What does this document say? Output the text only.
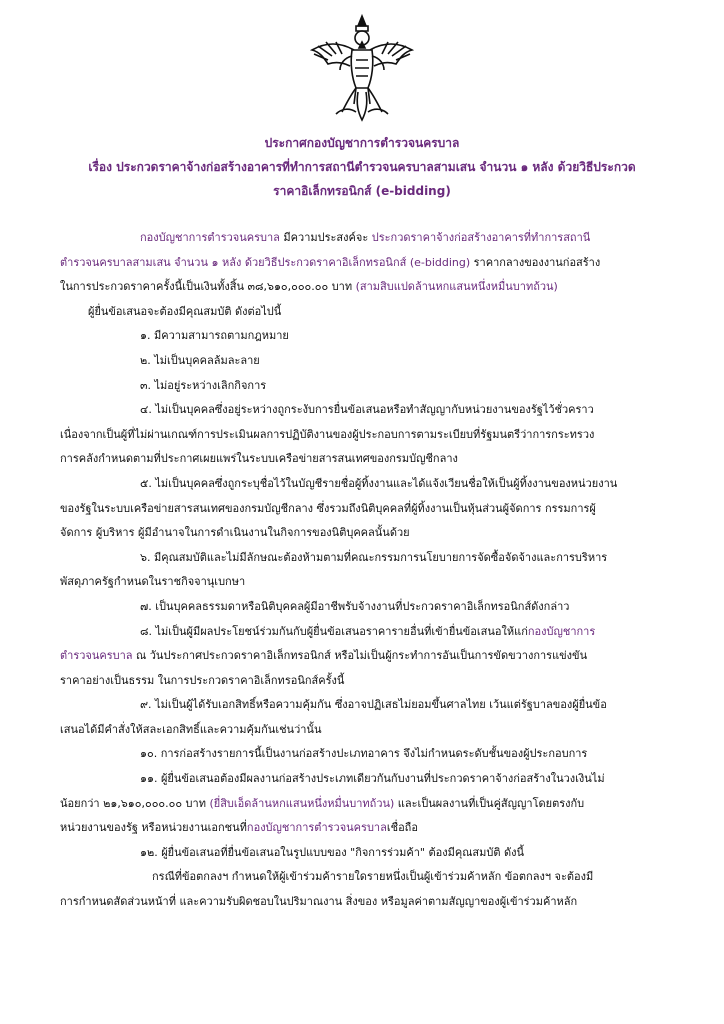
ประกาศกองบัญชาการตำรวจนครบาล
เรื่อง ประกวดราคาจ้างก่อสร้างอาคารที่ทำการสถานีตำรวจนครบาลสามเสน จำนวน ๑ หลัง ด้วยวิธีประกวด
ราคาอิเล็กทรอนิกส์ (e-bidding)
กองบัญชาการตำรวจนครบาล มีความประสงค์จะ ประกวดราคาจ้างก่อสร้างอาคารที่ทำการสถานี
ตำรวจนครบาลสามเสน จำนวน ๑ หลัง ด้วยวิธีประกวดราคาอิเล็กทรอนิกส์ (e-bidding) ราคากลางของงานก่อสร้าง
ในการประกวดราคาครั้งนี้เป็นเงินทั้งสิ้น ๓๘,๖๑๐,๐๐๐.๐๐ บาท (สามสิบแปดล้านหกแสนหนึ่งหมื่นบาทถ้วน)
ผู้ยื่นข้อเสนอจะต้องมีคุณสมบัติ ดังต่อไปนี้
๑. มีความสามารถตามกฎหมาย
๒. ไม่เป็นบุคคลล้มละลาย
๓. ไม่อยู่ระหว่างเลิกกิจการ
๔. ไม่เป็นบุคคลซึ่งอยู่ระหว่างถูกระงับการยื่นข้อเสนอหรือทำสัญญากับหน่วยงานของรัฐไว้ชั่วคราว
เนื่องจากเป็นผู้ที่ไม่ผ่านเกณฑ์การประเมินผลการปฏิบัติงานของผู้ประกอบการตามระเบียบที่รัฐมนตรีว่าการกระทรวง
การคลังกำหนดตามที่ประกาศเผยแพร่ในระบบเครือข่ายสารสนเทศของกรมบัญชีกลาง
๕. ไม่เป็นบุคคลซึ่งถูกระบุชื่อไว้ในบัญชีรายชื่อผู้ทิ้งงานและได้แจ้งเวียนชื่อให้เป็นผู้ทิ้งงานของหน่วยงาน
ของรัฐในระบบเครือข่ายสารสนเทศของกรมบัญชีกลาง ซึ่งรวมถึงนิติบุคคลที่ผู้ทิ้งงานเป็นหุ้นส่วนผู้จัดการ กรรมการผู้
จัดการ ผู้บริหาร ผู้มีอำนาจในการดำเนินงานในกิจการของนิติบุคคลนั้นด้วย
๖. มีคุณสมบัติและไม่มีลักษณะต้องห้ามตามที่คณะกรรมการนโยบายการจัดซื้อจัดจ้างและการบริหาร
พัสดุภาครัฐกำหนดในราชกิจจานุเบกษา
๗. เป็นบุคคลธรรมดาหรือนิติบุคคลผู้มีอาชีพรับจ้างงานที่ประกวดราคาอิเล็กทรอนิกส์ดังกล่าว
๘. ไม่เป็นผู้มีผลประโยชน์ร่วมกันกับผู้ยื่นข้อเสนอราคารายอื่นที่เข้ายื่นข้อเสนอให้แก่กองบัญชาการ
ตำรวจนครบาล ณ วันประกาศประกวดราคาอิเล็กทรอนิกส์ หรือไม่เป็นผู้กระทำการอันเป็นการขัดขวางการแข่งขัน
ราคาอย่างเป็นธรรม ในการประกวดราคาอิเล็กทรอนิกส์ครั้งนี้
๙. ไม่เป็นผู้ได้รับเอกสิทธิ์หรือความคุ้มกัน ซึ่งอาจปฏิเสธไม่ยอมขึ้นศาลไทย เว้นแต่รัฐบาลของผู้ยื่นข้อ
เสนอได้มีคำสั่งให้สละเอกสิทธิ์และความคุ้มกันเช่นว่านั้น
๑๐. การก่อสร้างรายการนี้เป็นงานก่อสร้างปะเภทอาคาร จึงไม่กำหนดระดับชั้นของผู้ประกอบการ
๑๑. ผู้ยื่นข้อเสนอต้องมีผลงานก่อสร้างประเภทเดียวกันกับงานที่ประกวดราคาจ้างก่อสร้างในวงเงินไม่
น้อยกว่า ๒๑,๖๑๐,๐๐๐.๐๐ บาท (ยี่สิบเอ็ดล้านหกแสนหนึ่งหมื่นบาทถ้วน) และเป็นผลงานที่เป็นคู่สัญญาโดยตรงกับ
หน่วยงานของรัฐ หรือหน่วยงานเอกชนที่กองบัญชาการตำรวจนครบาลเชื่อถือ
๑๒. ผู้ยื่นข้อเสนอที่ยื่นข้อเสนอในรูปแบบของ "กิจการร่วมค้า" ต้องมีคุณสมบัติ ดังนี้
กรณีที่ข้อตกลงฯ กำหนดให้ผู้เข้าร่วมค้ารายใดรายหนึ่งเป็นผู้เข้าร่วมค้าหลัก ข้อตกลงฯ จะต้องมี
การกำหนดสัดส่วนหน้าที่ และความรับผิดชอบในปริมาณงาน สิ่งของ หรือมูลค่าตามสัญญาของผู้เข้าร่วมค้าหลัก
